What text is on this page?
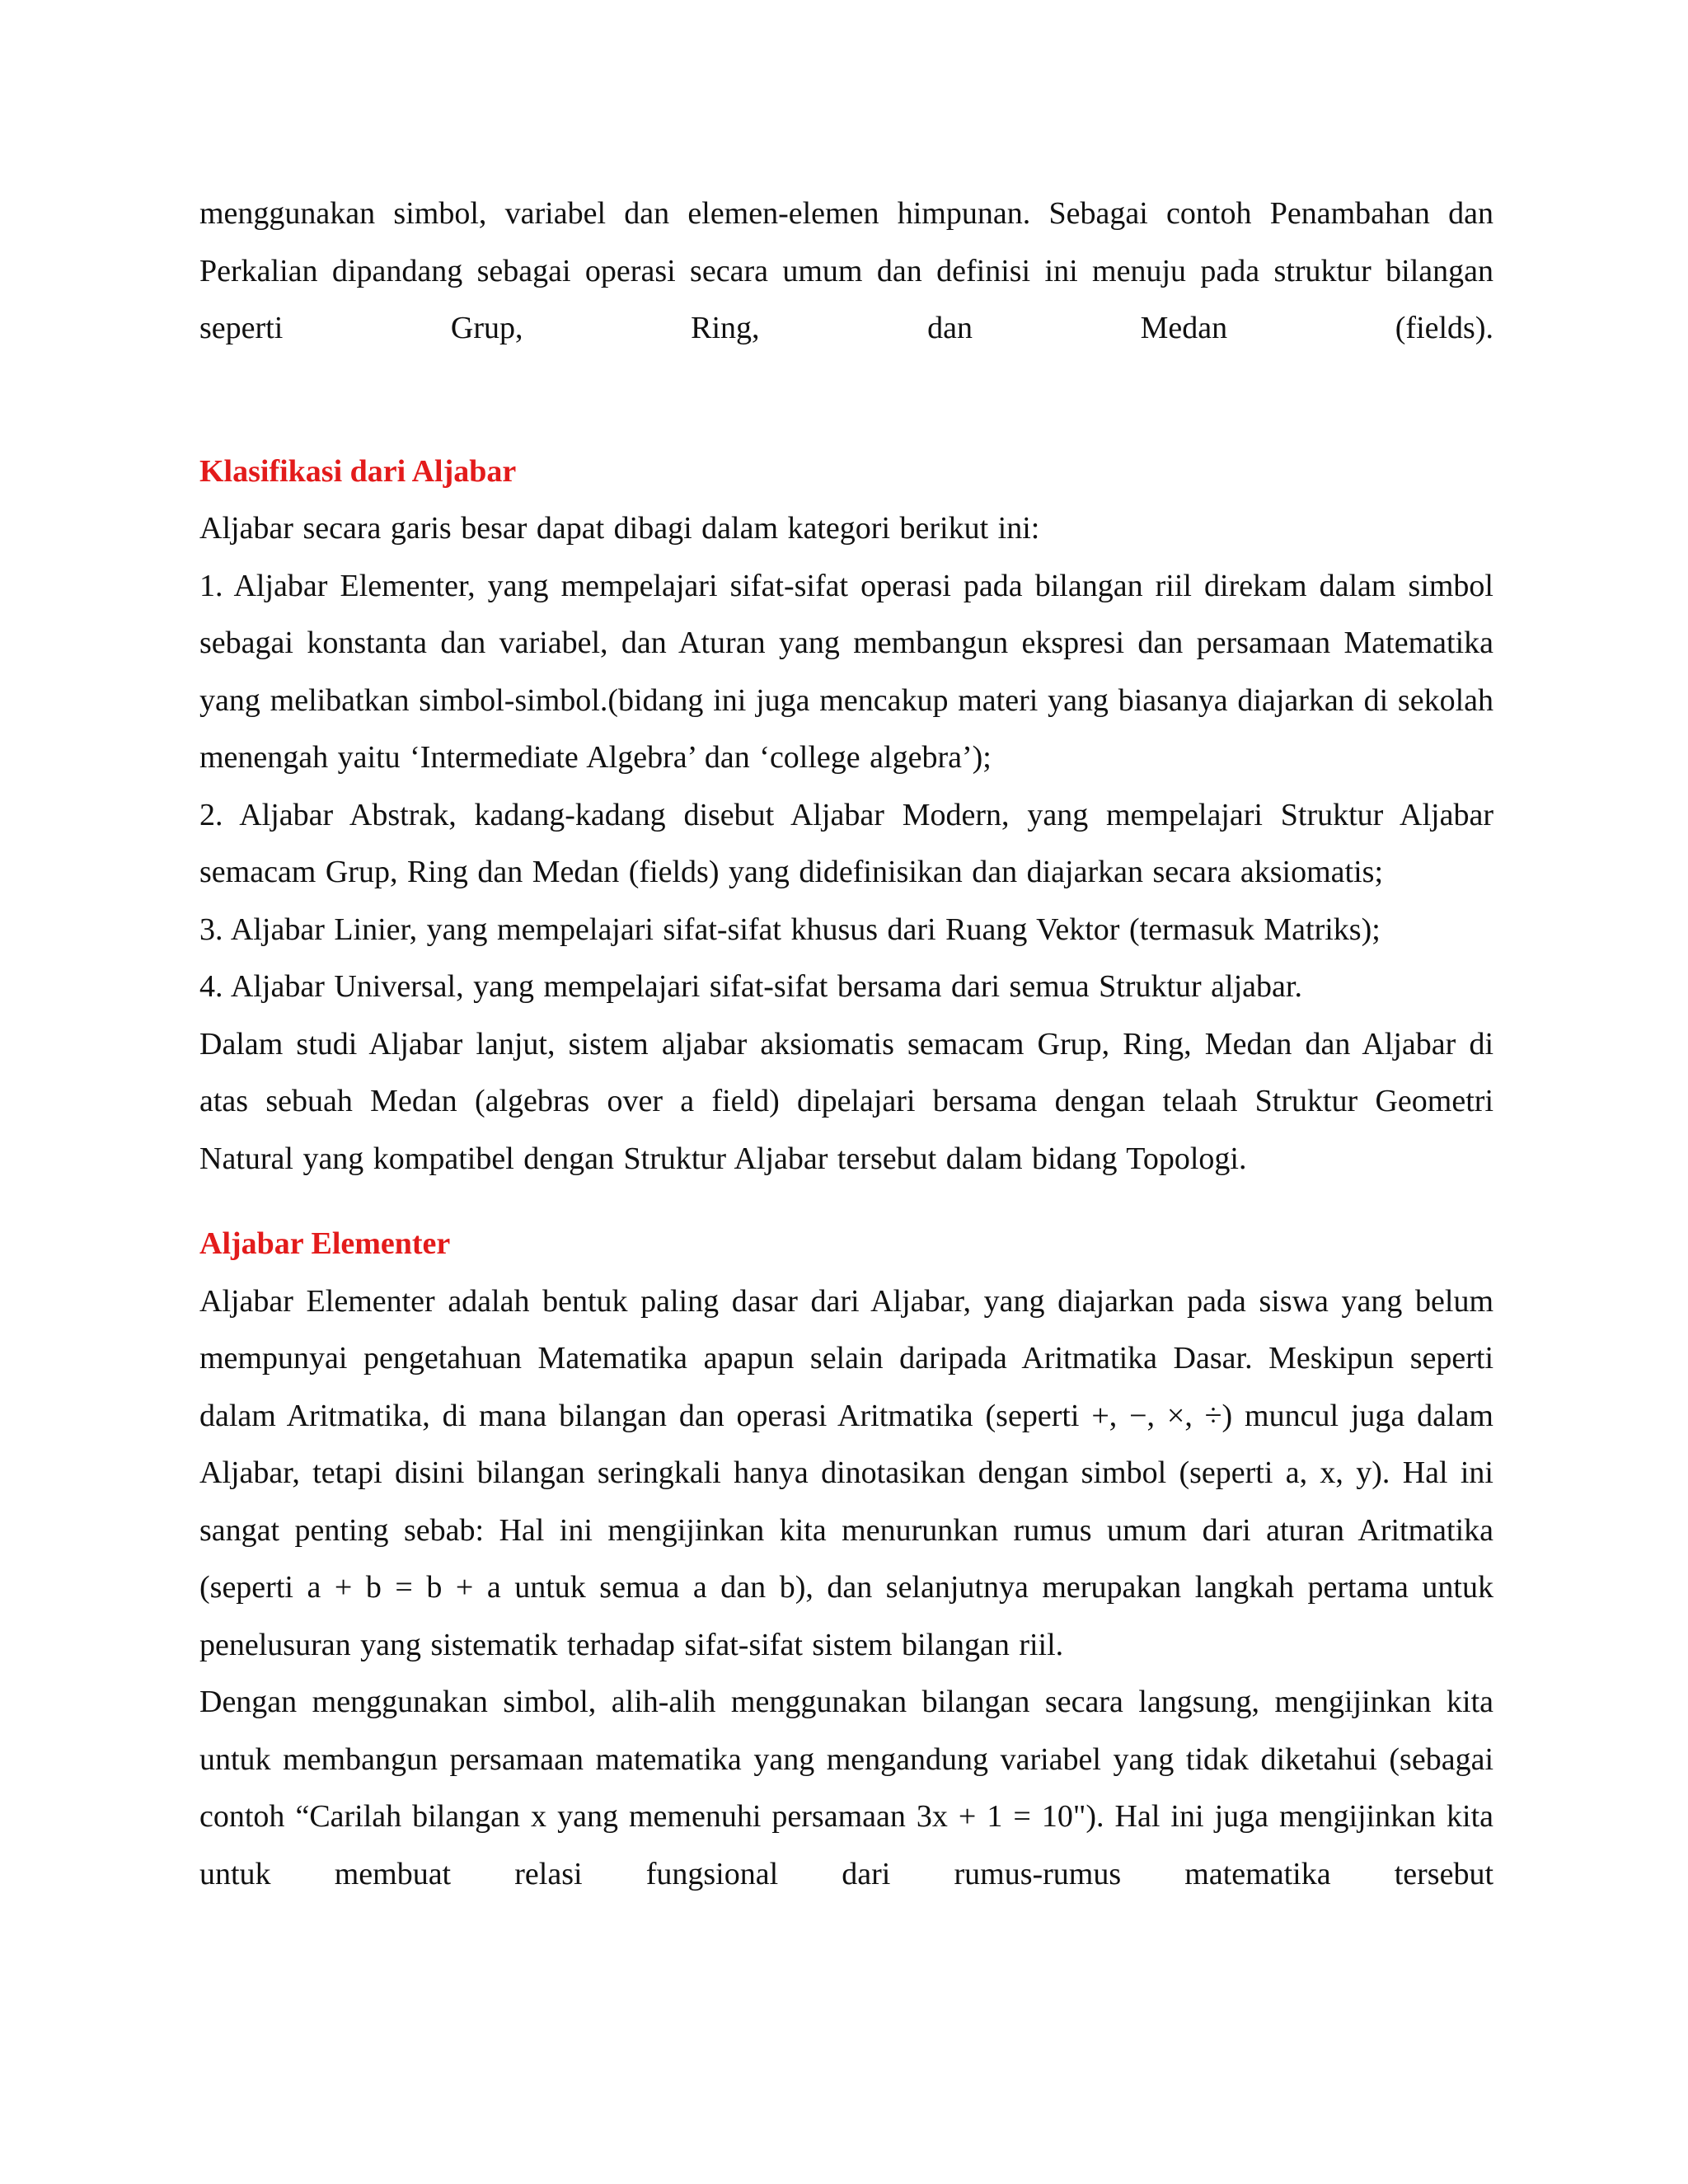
menggunakan simbol, variabel dan elemen-elemen himpunan. Sebagai contoh Penambahan dan Perkalian dipandang sebagai operasi secara umum dan definisi ini menuju pada struktur bilangan seperti Grup, Ring, dan Medan (fields).

Klasifikasi dari Aljabar

Aljabar secara garis besar dapat dibagi dalam kategori berikut ini:

1. Aljabar Elementer, yang mempelajari sifat-sifat operasi pada bilangan riil direkam dalam simbol sebagai konstanta dan variabel, dan Aturan yang membangun ekspresi dan persamaan Matematika yang melibatkan simbol-simbol.(bidang ini juga mencakup materi yang biasanya diajarkan di sekolah menengah yaitu ‘Intermediate Algebra’ dan ‘college algebra’);

2. Aljabar Abstrak, kadang-kadang disebut Aljabar Modern, yang mempelajari Struktur Aljabar semacam Grup, Ring dan Medan (fields) yang didefinisikan dan diajarkan secara aksiomatis;

3. Aljabar Linier, yang mempelajari sifat-sifat khusus dari Ruang Vektor (termasuk Matriks);

4. Aljabar Universal, yang mempelajari sifat-sifat bersama dari semua Struktur aljabar.

Dalam studi Aljabar lanjut, sistem aljabar aksiomatis semacam Grup, Ring, Medan dan Aljabar di atas sebuah Medan (algebras over a field) dipelajari bersama dengan telaah Struktur Geometri Natural yang kompatibel dengan Struktur Aljabar tersebut dalam bidang Topologi.

Aljabar Elementer

Aljabar Elementer adalah bentuk paling dasar dari Aljabar, yang diajarkan pada siswa yang belum mempunyai pengetahuan Matematika apapun selain daripada Aritmatika Dasar. Meskipun seperti dalam Aritmatika, di mana bilangan dan operasi Aritmatika (seperti +, −, ×, ÷) muncul juga dalam Aljabar, tetapi disini bilangan seringkali hanya dinotasikan dengan simbol (seperti a, x, y). Hal ini sangat penting sebab: Hal ini mengijinkan kita menurunkan rumus umum dari aturan Aritmatika (seperti a + b = b + a untuk semua a dan b), dan selanjutnya merupakan langkah pertama untuk penelusuran yang sistematik terhadap sifat-sifat sistem bilangan riil.

Dengan menggunakan simbol, alih-alih menggunakan bilangan secara langsung, mengijinkan kita untuk membangun persamaan matematika yang mengandung variabel yang tidak diketahui (sebagai contoh “Carilah bilangan x yang memenuhi persamaan 3x + 1 = 10"). Hal ini juga mengijinkan kita untuk membuat relasi fungsional dari rumus-rumus matematika tersebut
